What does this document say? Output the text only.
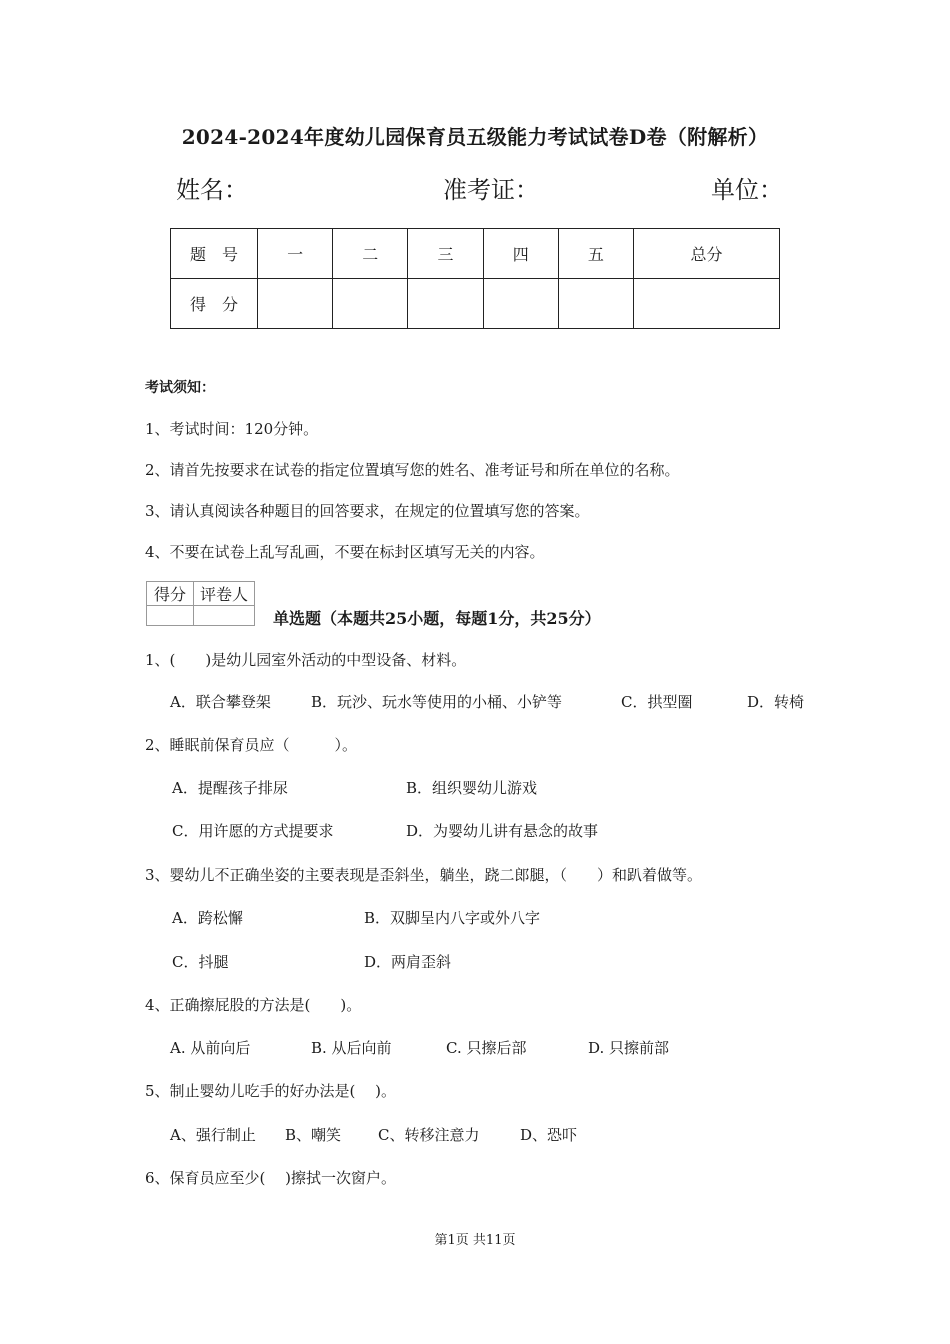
2024-2024年度幼儿园保育员五级能力考试试卷D卷（附解析）
姓名：	准考证：	单位：
题　号	一	二	三	四	五	总分
得　分						
考试须知：
1、考试时间：120分钟。
2、请首先按要求在试卷的指定位置填写您的姓名、准考证号和所在单位的名称。
3、请认真阅读各种题目的回答要求，在规定的位置填写您的答案。
4、不要在试卷上乱写乱画，不要在标封区填写无关的内容。
得分	评卷人

单选题（本题共25小题，每题1分，共25分）
1、(　　)是幼儿园室外活动的中型设备、材料。
A．联合攀登架	B．玩沙、玩水等使用的小桶、小铲等	C．拱型圈	D．转椅
2、睡眠前保育员应（　　　）。
A．提醒孩子排尿	B．组织婴幼儿游戏
C．用许愿的方式提要求	D．为婴幼儿讲有悬念的故事
3、婴幼儿不正确坐姿的主要表现是歪斜坐，躺坐，跷二郎腿，（　　）和趴着做等。
A．跨松懈	B．双脚呈内八字或外八字
C．抖腿	D．两肩歪斜
4、正确擦屁股的方法是(　　)。
A. 从前向后	B. 从后向前	C. 只擦后部	D. 只擦前部
5、制止婴幼儿吃手的好办法是(　 )。
A、强行制止 B、嘲笑 C、转移注意力	D、恐吓
6、保育员应至少(　 )擦拭一次窗户。
第1页 共11页
